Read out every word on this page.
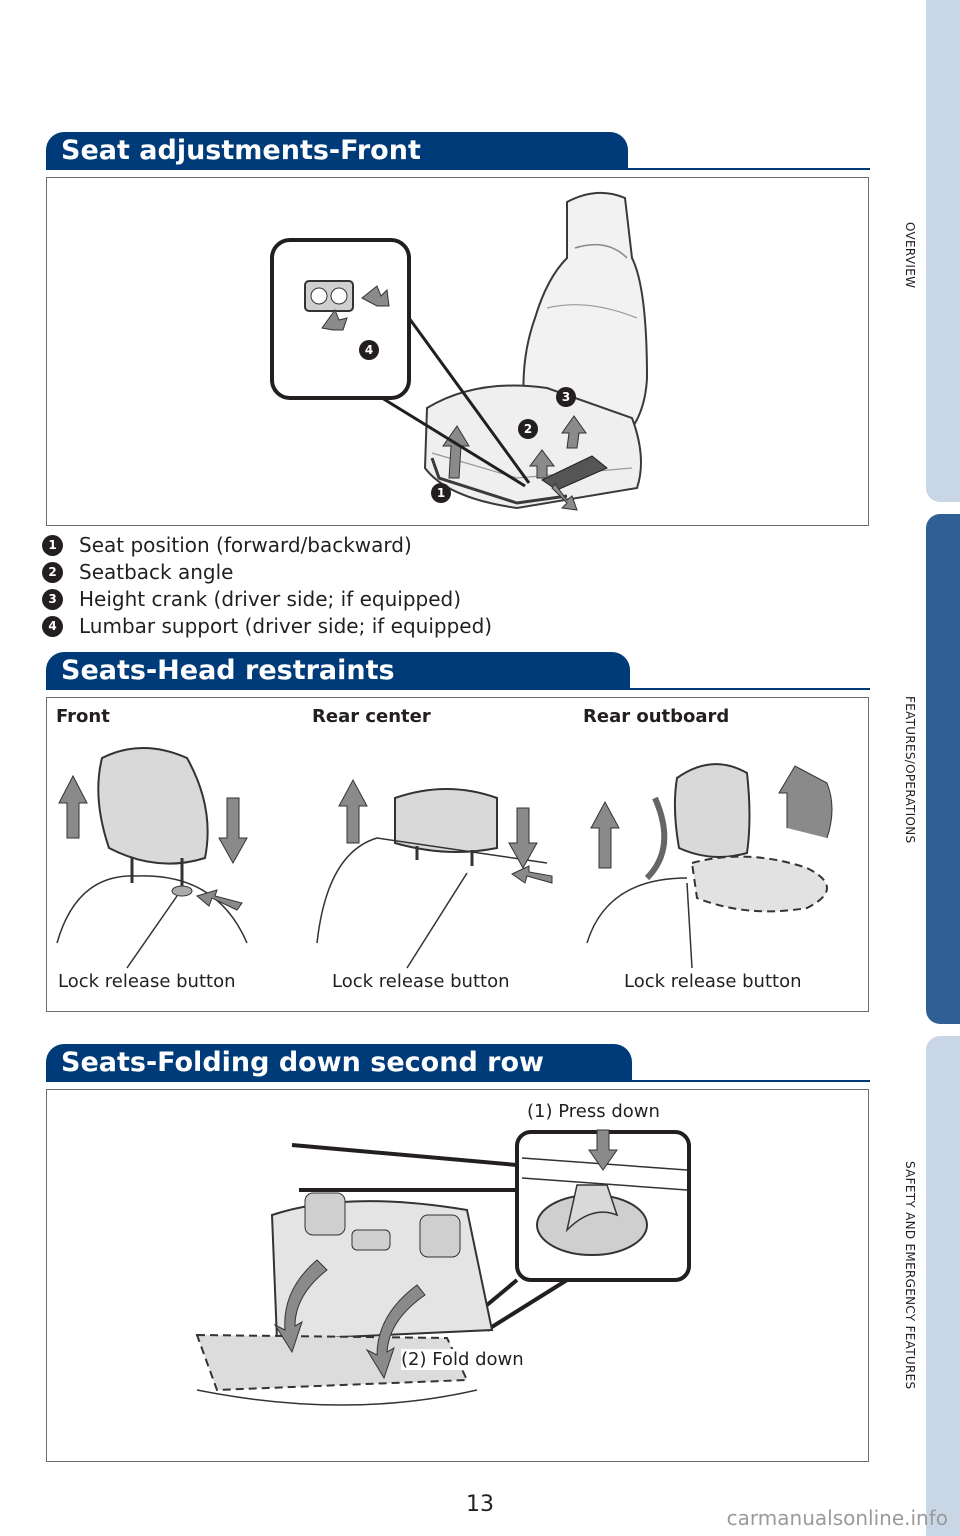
OVERVIEW
FEATURES/OPERATIONS
SAFETY AND EMERGENCY FEATURES
Seat adjustments-Front
1
2
3
4
1	Seat position (forward/backward)
2	Seatback angle
3	Height crank (driver side; if equipped)
4	Lumbar support (driver side; if equipped)
Seats-Head restraints
Front	Rear center	Rear outboard
Lock release button	Lock release button	Lock release button
Seats-Folding down second row
(1) Press down
(2) Fold down
13
carmanualsonline.info
